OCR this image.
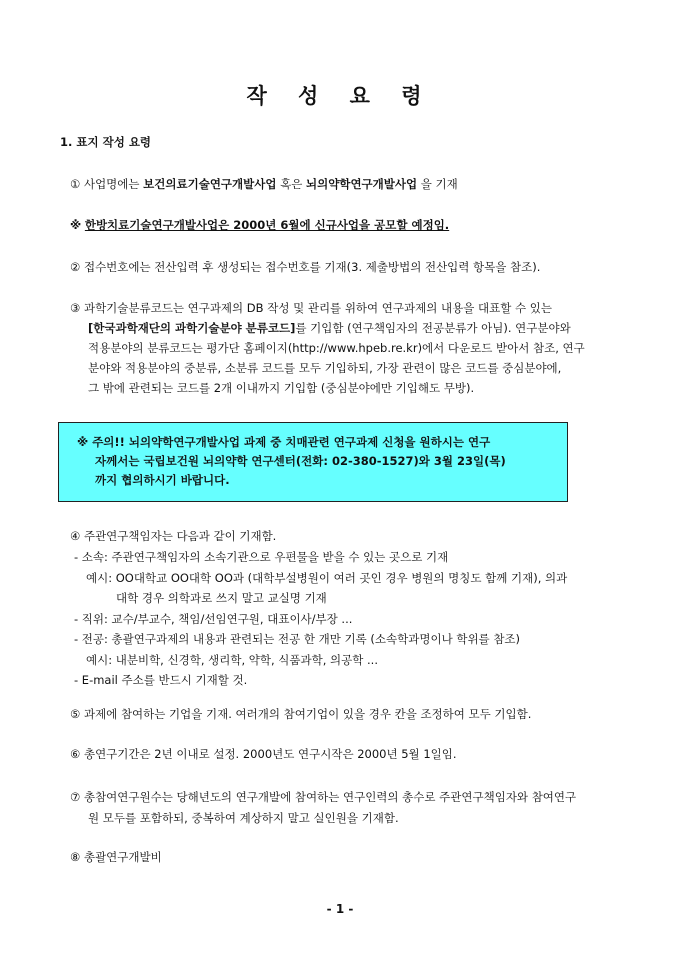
작 성 요 령
1. 표지 작성 요령
① 사업명에는 보건의료기술연구개발사업 혹은 뇌의약학연구개발사업 을 기재
※ 한방치료기술연구개발사업은 2000년 6월에 신규사업을 공모할 예정임.
② 접수번호에는 전산입력 후 생성되는 접수번호를 기재(3. 제출방법의 전산입력 항목을 참조).
③ 과학기술분류코드는 연구과제의 DB 작성 및 관리를 위하여 연구과제의 내용을 대표할 수 있는
[한국과학재단의 과학기술분야 분류코드]를 기입함 (연구책임자의 전공분류가 아님). 연구분야와
적용분야의 분류코드는 평가단 홈페이지(http://www.hpeb.re.kr)에서 다운로드 받아서 참조, 연구
분야와 적용분야의 중분류, 소분류 코드를 모두 기입하되, 가장 관련이 많은 코드를 중심분야에,
그 밖에 관련되는 코드를 2개 이내까지 기입함 (중심분야에만 기입해도 무방).
※ 주의!! 뇌의약학연구개발사업 과제 중 치매관련 연구과제 신청을 원하시는 연구
자께서는 국립보건원 뇌의약학 연구센터(전화: 02-380-1527)와 3월 23일(목)
까지 협의하시기 바랍니다.
④ 주관연구책임자는 다음과 같이 기재함.
- 소속: 주관연구책임자의 소속기관으로 우편물을 받을 수 있는 곳으로 기재
예시: OO대학교 OO대학 OO과 (대학부설병원이 여러 곳인 경우 병원의 명칭도 함께 기재), 의과
대학 경우 의학과로 쓰지 말고 교실명 기재
- 직위: 교수/부교수, 책임/선임연구원, 대표이사/부장 ...
- 전공: 총괄연구과제의 내용과 관련되는 전공 한 개만 기록 (소속학과명이나 학위를 참조)
예시: 내분비학, 신경학, 생리학, 약학, 식품과학, 의공학 ...
- E-mail 주소를 반드시 기재할 것.
⑤ 과제에 참여하는 기업을 기재. 여러개의 참여기업이 있을 경우 칸을 조정하여 모두 기입함.
⑥ 총연구기간은 2년 이내로 설정. 2000년도 연구시작은 2000년 5월 1일임.
⑦ 총참여연구원수는 당해년도의 연구개발에 참여하는 연구인력의 총수로 주관연구책임자와 참여연구
원 모두를 포함하되, 중복하여 계상하지 말고 실인원을 기재함.
⑧ 총괄연구개발비
- 1 -
